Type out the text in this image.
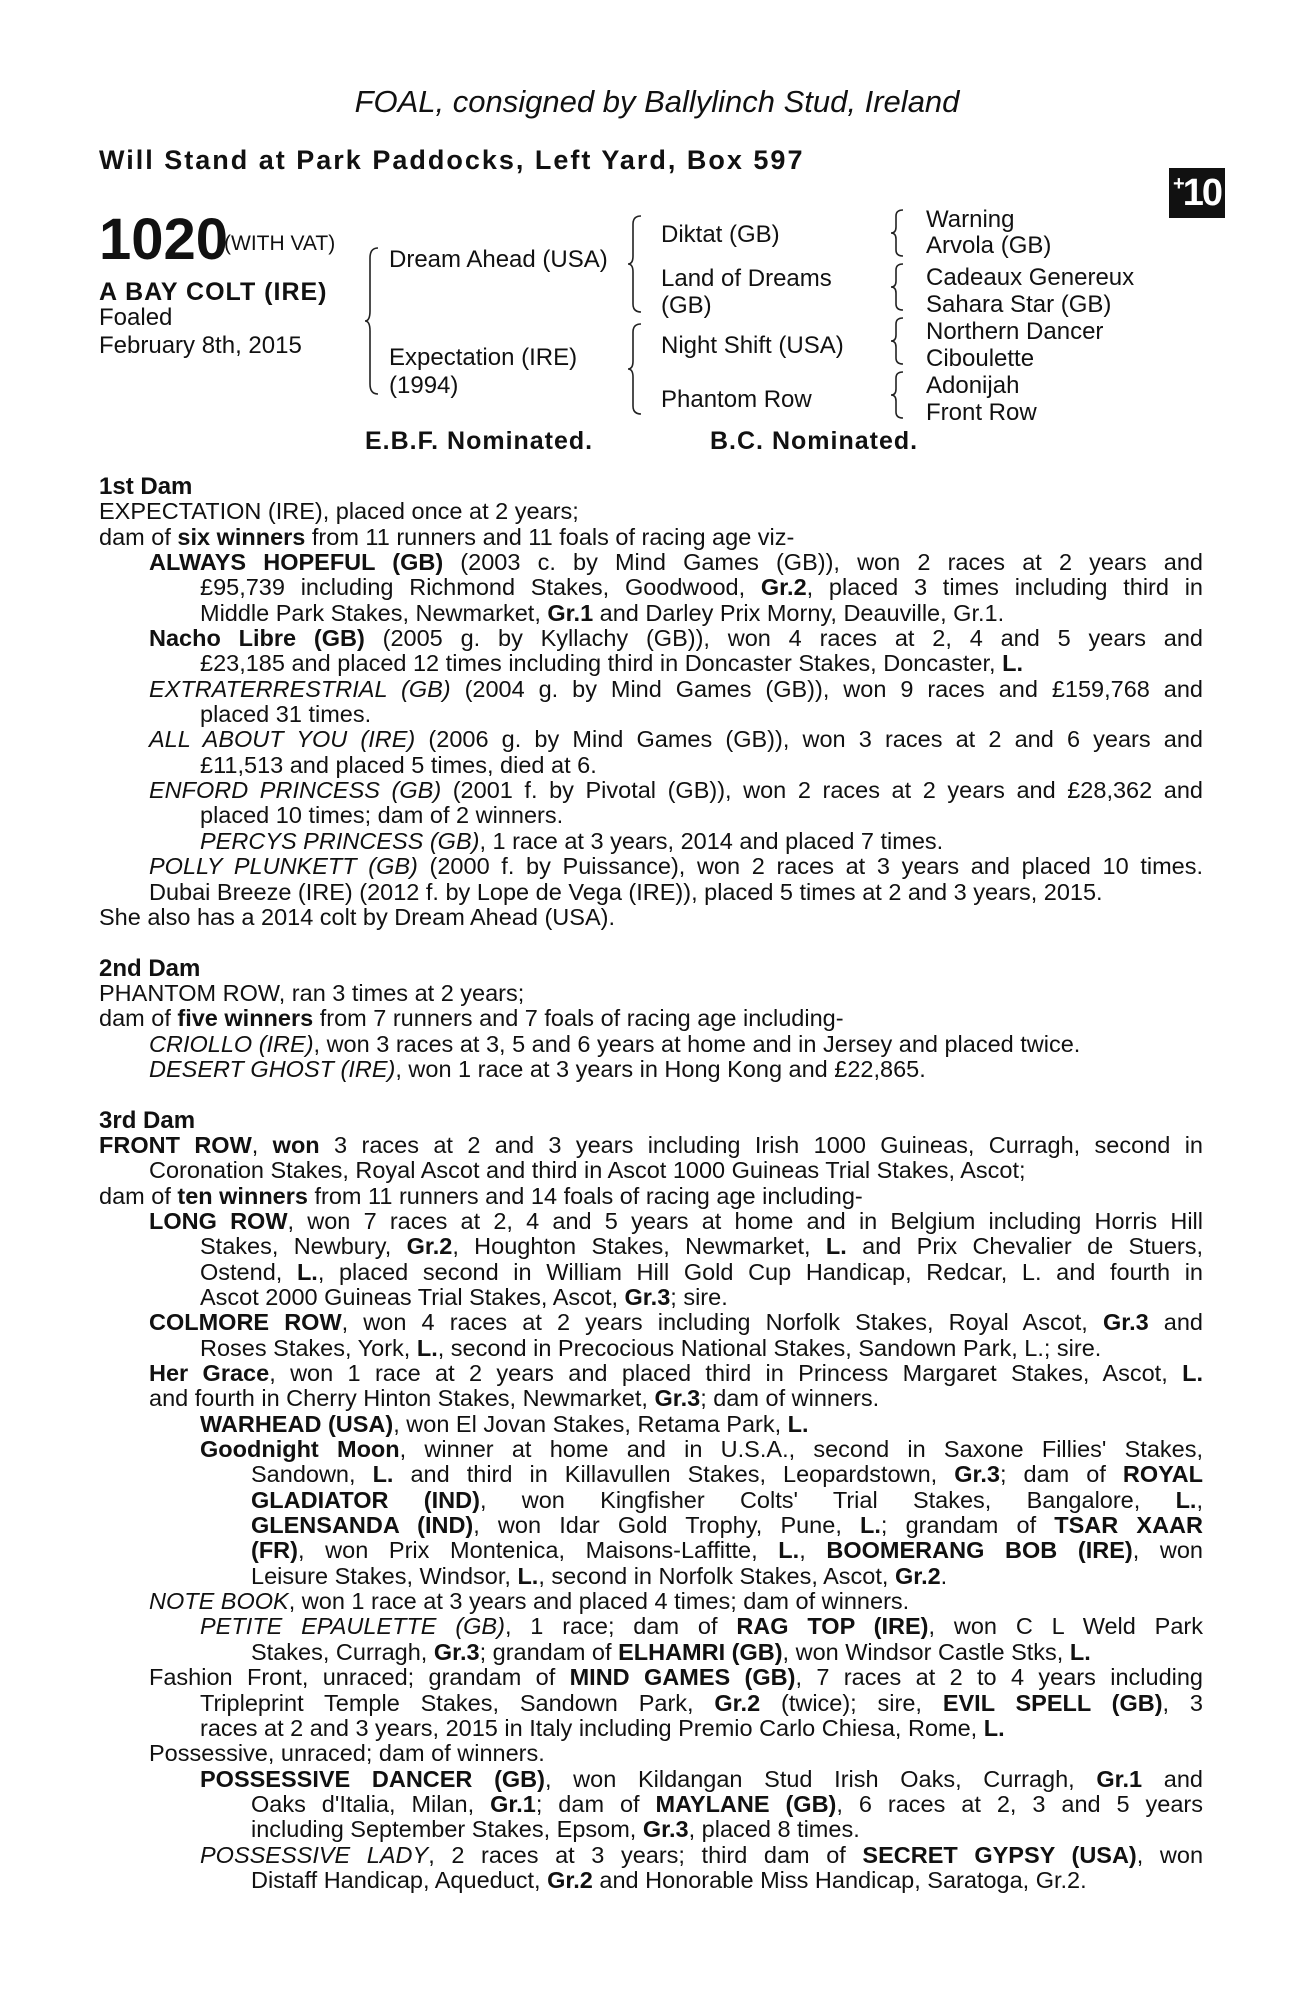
FOAL, consigned by Ballylinch Stud, Ireland
Will Stand at Park Paddocks, Left Yard, Box 597
+10
1020
(WITH VAT)
A BAY COLT (IRE)
Foaled
February 8th, 2015
Dream Ahead (USA)
Expectation (IRE)
(1994)
Diktat (GB)
Land of Dreams
(GB)
Night Shift (USA)
Phantom Row
Warning
Arvola (GB)
Cadeaux Genereux
Sahara Star (GB)
Northern Dancer
Ciboulette
Adonijah
Front Row
E.B.F. Nominated.	B.C. Nominated.
1st Dam
EXPECTATION (IRE), placed once at 2 years;
dam of six winners from 11 runners and 11 foals of racing age viz-
ALWAYS HOPEFUL (GB) (2003 c. by Mind Games (GB)), won 2 races at 2 years and
£95,739 including Richmond Stakes, Goodwood, Gr.2, placed 3 times including third in
Middle Park Stakes, Newmarket, Gr.1 and Darley Prix Morny, Deauville, Gr.1.
Nacho Libre (GB) (2005 g. by Kyllachy (GB)), won 4 races at 2, 4 and 5 years and
£23,185 and placed 12 times including third in Doncaster Stakes, Doncaster, L.
EXTRATERRESTRIAL (GB) (2004 g. by Mind Games (GB)), won 9 races and £159,768 and
placed 31 times.
ALL ABOUT YOU (IRE) (2006 g. by Mind Games (GB)), won 3 races at 2 and 6 years and
£11,513 and placed 5 times, died at 6.
ENFORD PRINCESS (GB) (2001 f. by Pivotal (GB)), won 2 races at 2 years and £28,362 and
placed 10 times; dam of 2 winners.
PERCYS PRINCESS (GB), 1 race at 3 years, 2014 and placed 7 times.
POLLY PLUNKETT (GB) (2000 f. by Puissance), won 2 races at 3 years and placed 10 times.
Dubai Breeze (IRE) (2012 f. by Lope de Vega (IRE)), placed 5 times at 2 and 3 years, 2015.
She also has a 2014 colt by Dream Ahead (USA).
2nd Dam
PHANTOM ROW, ran 3 times at 2 years;
dam of five winners from 7 runners and 7 foals of racing age including-
CRIOLLO (IRE), won 3 races at 3, 5 and 6 years at home and in Jersey and placed twice.
DESERT GHOST (IRE), won 1 race at 3 years in Hong Kong and £22,865.
3rd Dam
FRONT ROW, won 3 races at 2 and 3 years including Irish 1000 Guineas, Curragh, second in
Coronation Stakes, Royal Ascot and third in Ascot 1000 Guineas Trial Stakes, Ascot;
dam of ten winners from 11 runners and 14 foals of racing age including-
LONG ROW, won 7 races at 2, 4 and 5 years at home and in Belgium including Horris Hill
Stakes, Newbury, Gr.2, Houghton Stakes, Newmarket, L. and Prix Chevalier de Stuers,
Ostend, L., placed second in William Hill Gold Cup Handicap, Redcar, L. and fourth in
Ascot 2000 Guineas Trial Stakes, Ascot, Gr.3; sire.
COLMORE ROW, won 4 races at 2 years including Norfolk Stakes, Royal Ascot, Gr.3 and
Roses Stakes, York, L., second in Precocious National Stakes, Sandown Park, L.; sire.
Her Grace, won 1 race at 2 years and placed third in Princess Margaret Stakes, Ascot, L.
and fourth in Cherry Hinton Stakes, Newmarket, Gr.3; dam of winners.
WARHEAD (USA), won El Jovan Stakes, Retama Park, L.
Goodnight Moon, winner at home and in U.S.A., second in Saxone Fillies' Stakes,
Sandown, L. and third in Killavullen Stakes, Leopardstown, Gr.3; dam of ROYAL
GLADIATOR (IND), won Kingfisher Colts' Trial Stakes, Bangalore, L.,
GLENSANDA (IND), won Idar Gold Trophy, Pune, L.; grandam of TSAR XAAR
(FR), won Prix Montenica, Maisons-Laffitte, L., BOOMERANG BOB (IRE), won
Leisure Stakes, Windsor, L., second in Norfolk Stakes, Ascot, Gr.2.
NOTE BOOK, won 1 race at 3 years and placed 4 times; dam of winners.
PETITE EPAULETTE (GB), 1 race; dam of RAG TOP (IRE), won C L Weld Park
Stakes, Curragh, Gr.3; grandam of ELHAMRI (GB), won Windsor Castle Stks, L.
Fashion Front, unraced; grandam of MIND GAMES (GB), 7 races at 2 to 4 years including
Tripleprint Temple Stakes, Sandown Park, Gr.2 (twice); sire, EVIL SPELL (GB), 3
races at 2 and 3 years, 2015 in Italy including Premio Carlo Chiesa, Rome, L.
Possessive, unraced; dam of winners.
POSSESSIVE DANCER (GB), won Kildangan Stud Irish Oaks, Curragh, Gr.1 and
Oaks d'Italia, Milan, Gr.1; dam of MAYLANE (GB), 6 races at 2, 3 and 5 years
including September Stakes, Epsom, Gr.3, placed 8 times.
POSSESSIVE LADY, 2 races at 3 years; third dam of SECRET GYPSY (USA), won
Distaff Handicap, Aqueduct, Gr.2 and Honorable Miss Handicap, Saratoga, Gr.2.
